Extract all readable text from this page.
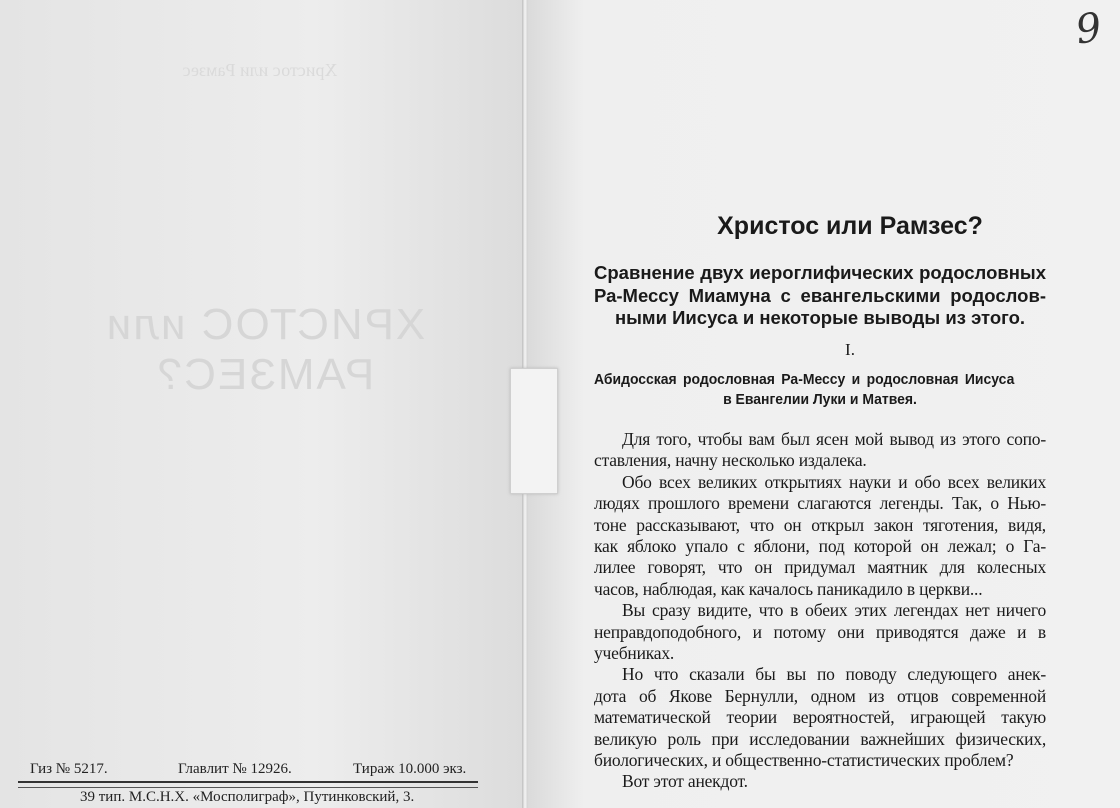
Христос или Рамзес
ХРИСТОС или РАМЗЕС?
Гиз № 5217.	Главлит № 12926.	Тираж 10.000 экз.
39 тип. М.С.Н.Х. «Мосполиграф», Путинковский, 3.
9
Христос или Рамзес?
Сравнение двух иероглифических родословных
Ра-Мессу Миамуна с евангельскими родослов-
ными Иисуса и некоторые выводы из этого.
I.
Абидосская родословная Ра-Мессу и родословная Иисуса
в Евангелии Луки и Матвея.
Для того, чтобы вам был ясен мой вывод из этого сопо-
ставления, начну несколько издалека.
Обо всех великих открытиях науки и обо всех великих
людях прошлого времени слагаются легенды. Так, о Нью-
тоне рассказывают, что он открыл закон тяготения, видя,
как яблоко упало с яблони, под которой он лежал; о Га-
лилее говорят, что он придумал маятник для колесных
часов, наблюдая, как качалось паникадило в церкви...
Вы сразу видите, что в обеих этих легендах нет ничего
неправдоподобного, и потому они приводятся даже и в
учебниках.
Но что сказали бы вы по поводу следующего анек-
дота об Якове Бернулли, одном из отцов современной
математической теории вероятностей, играющей такую
великую роль при исследовании важнейших физических,
биологических, и общественно-статистических проблем?
Вот этот анекдот.
